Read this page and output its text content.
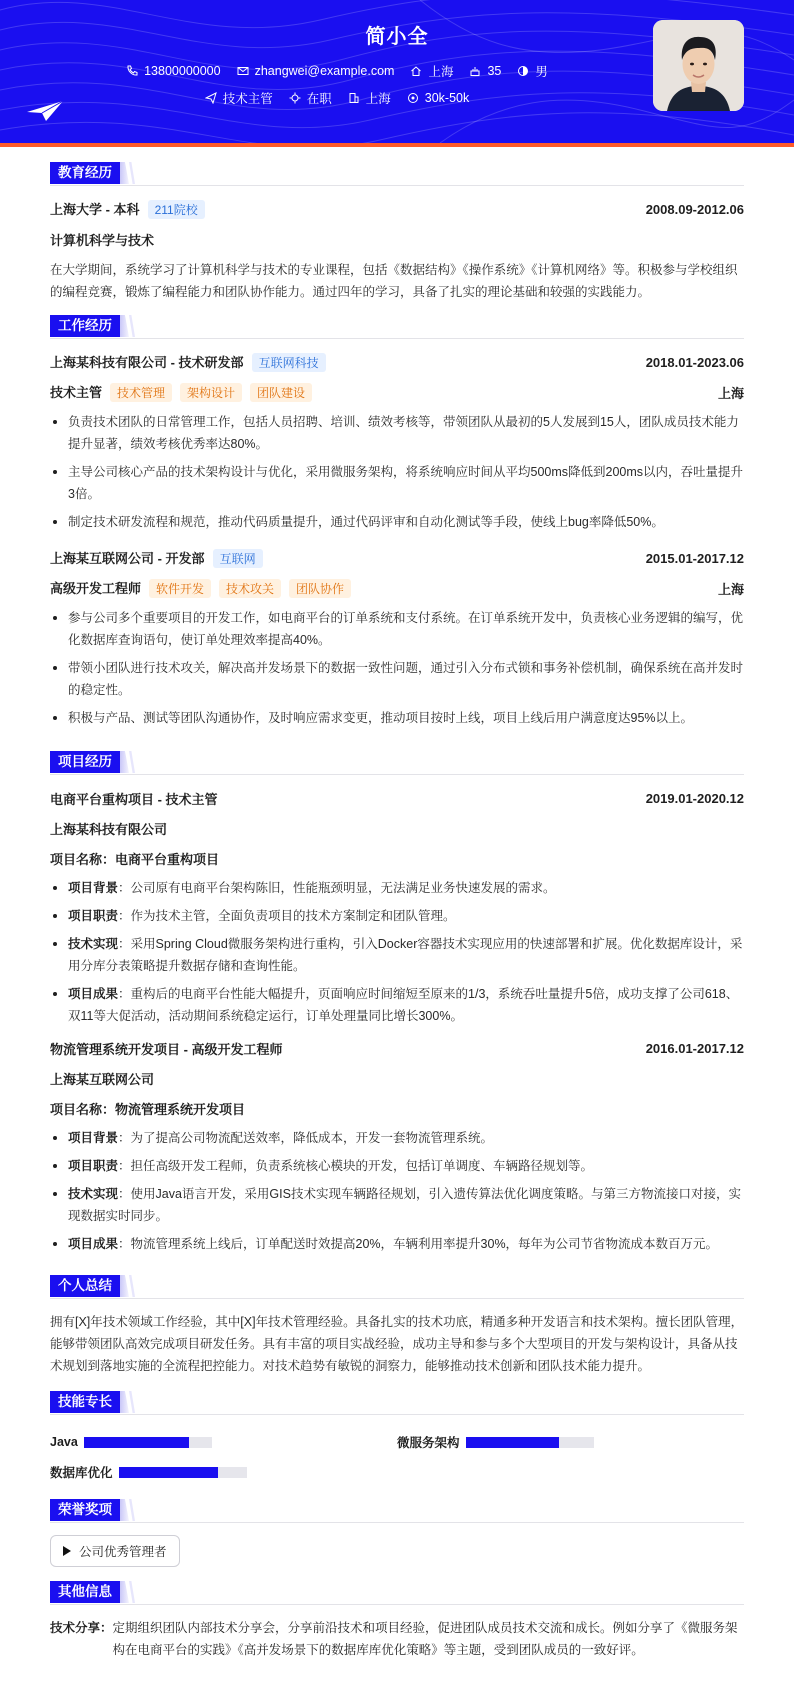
简小全
13800000000	zhangwei@example.com	上海	35	男
技术主管	在职	上海	30k-50k
教育经历
上海大学 - 本科 211院校	2008.09-2012.06
计算机科学与技术
在大学期间，系统学习了计算机科学与技术的专业课程，包括《数据结构》《操作系统》《计算机网络》等。积极参与学校组织的编程竞赛，锻炼了编程能力和团队协作能力。通过四年的学习，具备了扎实的理论基础和较强的实践能力。
工作经历
上海某科技有限公司 - 技术研发部 互联网科技	2018.01-2023.06
技术主管 技术管理 架构设计 团队建设	上海
负责技术团队的日常管理工作，包括人员招聘、培训、绩效考核等，带领团队从最初的5人发展到15人，团队成员技术能力提升显著，绩效考核优秀率达80%。
主导公司核心产品的技术架构设计与优化，采用微服务架构，将系统响应时间从平均500ms降低到200ms以内，吞吐量提升3倍。
制定技术研发流程和规范，推动代码质量提升，通过代码评审和自动化测试等手段，使线上bug率降低50%。
上海某互联网公司 - 开发部 互联网	2015.01-2017.12
高级开发工程师 软件开发 技术攻关 团队协作	上海
参与公司多个重要项目的开发工作，如电商平台的订单系统和支付系统。在订单系统开发中，负责核心业务逻辑的编写，优化数据库查询语句，使订单处理效率提高40%。
带领小团队进行技术攻关，解决高并发场景下的数据一致性问题，通过引入分布式锁和事务补偿机制，确保系统在高并发时的稳定性。
积极与产品、测试等团队沟通协作，及时响应需求变更，推动项目按时上线，项目上线后用户满意度达95%以上。
项目经历
电商平台重构项目 - 技术主管	2019.01-2020.12
上海某科技有限公司
项目名称：电商平台重构项目
项目背景：公司原有电商平台架构陈旧，性能瓶颈明显，无法满足业务快速发展的需求。
项目职责：作为技术主管，全面负责项目的技术方案制定和团队管理。
技术实现：采用Spring Cloud微服务架构进行重构，引入Docker容器技术实现应用的快速部署和扩展。优化数据库设计，采用分库分表策略提升数据存储和查询性能。
项目成果：重构后的电商平台性能大幅提升，页面响应时间缩短至原来的1/3，系统吞吐量提升5倍，成功支撑了公司618、双11等大促活动，活动期间系统稳定运行，订单处理量同比增长300%。
物流管理系统开发项目 - 高级开发工程师	2016.01-2017.12
上海某互联网公司
项目名称：物流管理系统开发项目
项目背景：为了提高公司物流配送效率，降低成本，开发一套物流管理系统。
项目职责：担任高级开发工程师，负责系统核心模块的开发，包括订单调度、车辆路径规划等。
技术实现：使用Java语言开发，采用GIS技术实现车辆路径规划，引入遗传算法优化调度策略。与第三方物流接口对接，实现数据实时同步。
项目成果：物流管理系统上线后，订单配送时效提高20%，车辆利用率提升30%，每年为公司节省物流成本数百万元。
个人总结
拥有[X]年技术领域工作经验，其中[X]年技术管理经验。具备扎实的技术功底，精通多种开发语言和技术架构。擅长团队管理，能够带领团队高效完成项目研发任务。具有丰富的项目实战经验，成功主导和参与多个大型项目的开发与架构设计，具备从技术规划到落地实施的全流程把控能力。对技术趋势有敏锐的洞察力，能够推动技术创新和团队技术能力提升。
技能专长
Java	微服务架构
数据库优化
荣誉奖项
公司优秀管理者
其他信息
技术分享： 定期组织团队内部技术分享会，分享前沿技术和项目经验，促进团队成员技术交流和成长。例如分享了《微服务架构在电商平台的实践》《高并发场景下的数据库库优化策略》等主题，受到团队成员的一致好评。
